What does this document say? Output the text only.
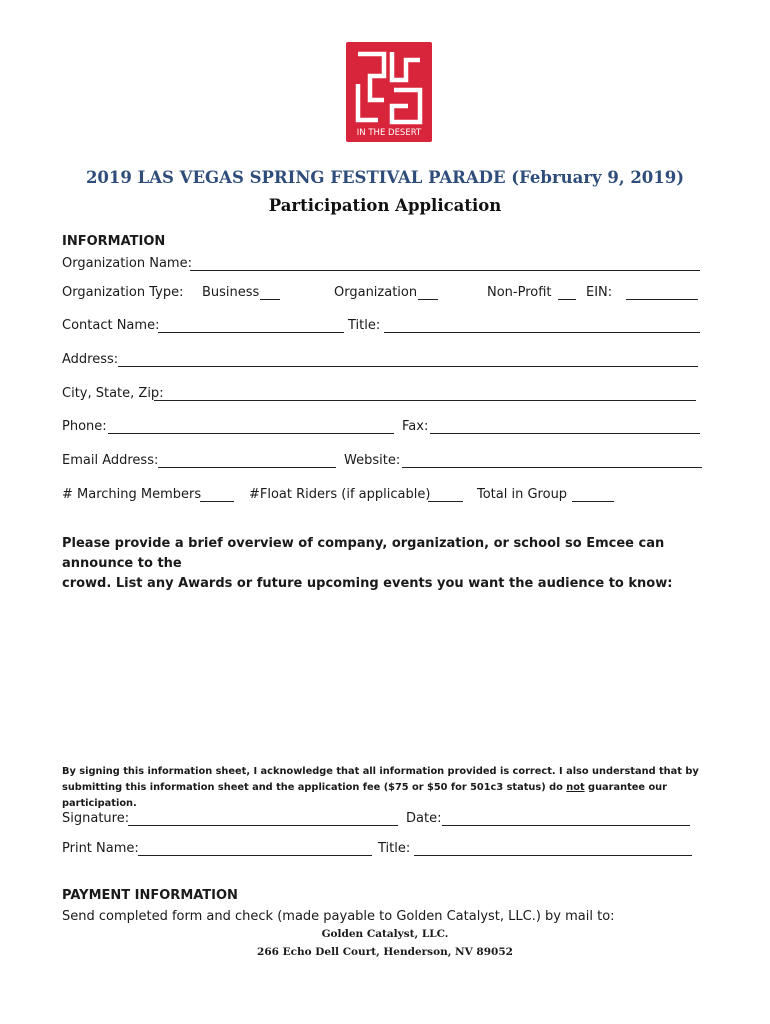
IN THE DESERT
2019 LAS VEGAS SPRING FESTIVAL PARADE (February 9, 2019)
Participation Application
INFORMATION
Organization Name:
Organization Type: Business	Organization	Non-Profit	EIN:
Contact Name:	Title:
Address:
City, State, Zip:
Phone:	Fax:
Email Address:	Website:
# Marching Members	#Float Riders (if applicable)	Total in Group
Please provide a brief overview of company, organization, or school so Emcee can announce to the
crowd. List any Awards or future upcoming events you want the audience to know:
By signing this information sheet, I acknowledge that all information provided is correct. I also understand that by
submitting this information sheet and the application fee ($75 or $50 for 501c3 status) do not guarantee our participation.
Signature:	Date:
Print Name:	Title:
PAYMENT INFORMATION
Send completed form and check (made payable to Golden Catalyst, LLC.) by mail to:
Golden Catalyst, LLC.
266 Echo Dell Court, Henderson, NV 89052
